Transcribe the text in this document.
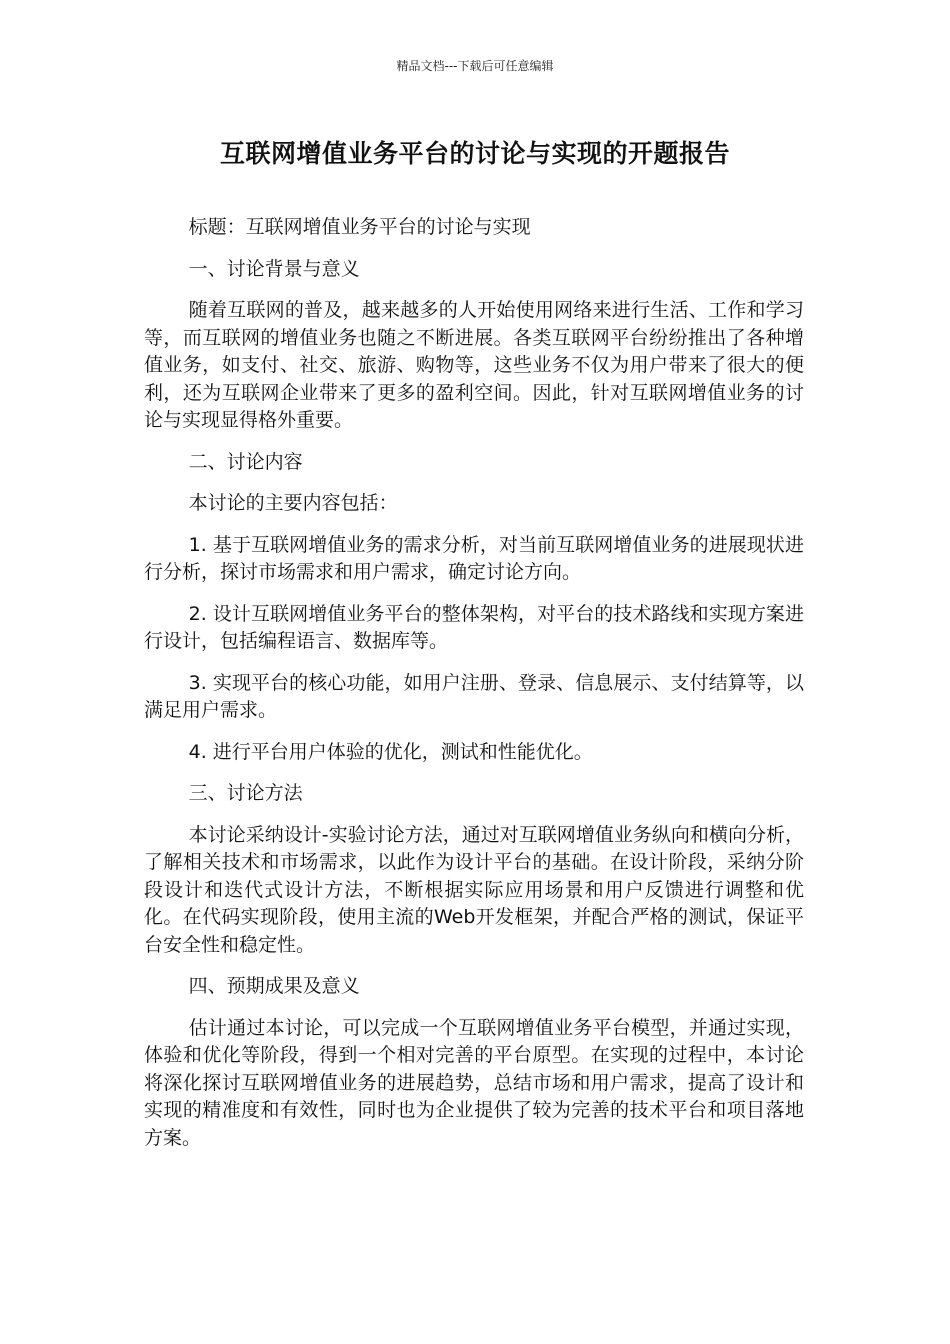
精品文档---下载后可任意编辑
互联网增值业务平台的讨论与实现的开题报告

标题：互联网增值业务平台的讨论与实现

一、讨论背景与意义

随着互联网的普及，越来越多的人开始使用网络来进行生活、工作和学习等，而互联网的增值业务也随之不断进展。各类互联网平台纷纷推出了各种增值业务，如支付、社交、旅游、购物等，这些业务不仅为用户带来了很大的便利，还为互联网企业带来了更多的盈利空间。因此，针对互联网增值业务的讨论与实现显得格外重要。

二、讨论内容

本讨论的主要内容包括：

1. 基于互联网增值业务的需求分析，对当前互联网增值业务的进展现状进行分析，探讨市场需求和用户需求，确定讨论方向。

2. 设计互联网增值业务平台的整体架构，对平台的技术路线和实现方案进行设计，包括编程语言、数据库等。

3. 实现平台的核心功能，如用户注册、登录、信息展示、支付结算等，以满足用户需求。

4. 进行平台用户体验的优化，测试和性能优化。

三、讨论方法

本讨论采纳设计-实验讨论方法，通过对互联网增值业务纵向和横向分析，了解相关技术和市场需求，以此作为设计平台的基础。在设计阶段，采纳分阶段设计和迭代式设计方法，不断根据实际应用场景和用户反馈进行调整和优化。在代码实现阶段，使用主流的Web开发框架，并配合严格的测试，保证平台安全性和稳定性。

四、预期成果及意义

估计通过本讨论，可以完成一个互联网增值业务平台模型，并通过实现，体验和优化等阶段，得到一个相对完善的平台原型。在实现的过程中，本讨论将深化探讨互联网增值业务的进展趋势，总结市场和用户需求，提高了设计和实现的精准度和有效性，同时也为企业提供了较为完善的技术平台和项目落地方案。
